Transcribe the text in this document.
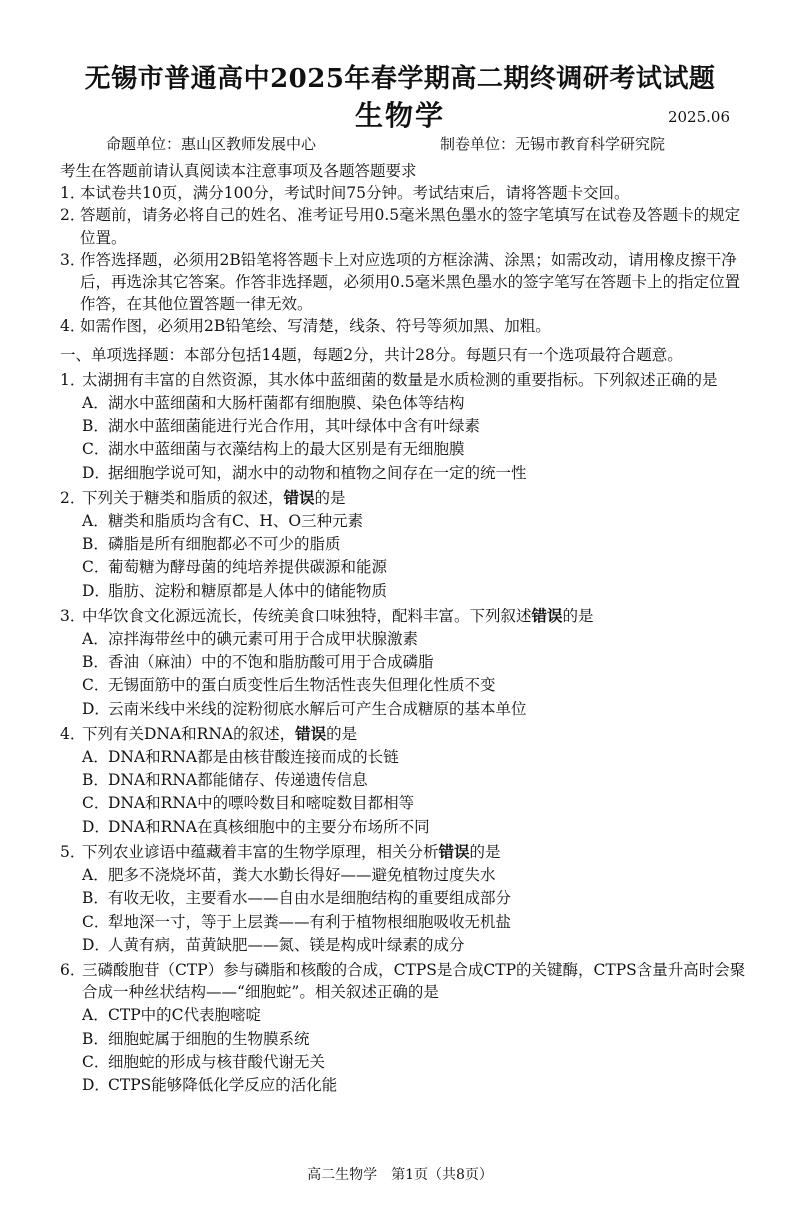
无锡市普通高中2025年春学期高二期终调研考试试题
生物学	2025.06
命题单位：惠山区教师发展中心	制卷单位：无锡市教育科学研究院
考生在答题前请认真阅读本注意事项及各题答题要求
1．
本试卷共10页，满分100分，考试时间75分钟。考试结束后，请将答题卡交回。
2．
答题前，请务必将自己的姓名、准考证号用0.5毫米黑色墨水的签字笔填写在试卷及答题卡的规定位置。
3．
作答选择题，必须用2B铅笔将答题卡上对应选项的方框涂满、涂黑；如需改动，请用橡皮擦干净后，再选涂其它答案。作答非选择题，必须用0.5毫米黑色墨水的签字笔写在答题卡上的指定位置作答，在其他位置答题一律无效。
4．
如需作图，必须用2B铅笔绘、写清楚，线条、符号等须加黑、加粗。
一、单项选择题：本部分包括14题，每题2分，共计28分。每题只有一个选项最符合题意。
1．
太湖拥有丰富的自然资源，其水体中蓝细菌的数量是水质检测的重要指标。下列叙述正确的是
A． 湖水中蓝细菌和大肠杆菌都有细胞膜、染色体等结构
B． 湖水中蓝细菌能进行光合作用，其叶绿体中含有叶绿素
C．
湖水中蓝细菌与衣藻结构上的最大区别是有无细胞膜
D．
据细胞学说可知，湖水中的动物和植物之间存在一定的统一性
2．
下列关于糖类和脂质的叙述，错误的是
A． 糖类和脂质均含有C、H、O三种元素
B． 磷脂是所有细胞都必不可少的脂质
C．
葡萄糖为酵母菌的纯培养提供碳源和能源
D．
脂肪、淀粉和糖原都是人体中的储能物质
3．
中华饮食文化源远流长，传统美食口味独特，配料丰富。下列叙述错误的是
A． 凉拌海带丝中的碘元素可用于合成甲状腺激素
B． 香油（麻油）中的不饱和脂肪酸可用于合成磷脂
C．
无锡面筋中的蛋白质变性后生物活性丧失但理化性质不变
D．
云南米线中米线的淀粉彻底水解后可产生合成糖原的基本单位
4．
下列有关DNA和RNA的叙述，错误的是
A． DNA和RNA都是由核苷酸连接而成的长链
B． DNA和RNA都能储存、传递遗传信息
C．
DNA和RNA中的嘌呤数目和嘧啶数目都相等
D．
DNA和RNA在真核细胞中的主要分布场所不同
5．
下列农业谚语中蕴藏着丰富的生物学原理，相关分析错误的是
A． 肥多不浇烧坏苗，粪大水勤长得好——避免植物过度失水
B． 有收无收，主要看水——自由水是细胞结构的重要组成部分
C．
犁地深一寸，等于上层粪——有利于植物根细胞吸收无机盐
D．
人黄有病，苗黄缺肥——氮、镁是构成叶绿素的成分
6．
三磷酸胞苷（CTP）参与磷脂和核酸的合成，CTPS是合成CTP的关键酶，CTPS含量升高时会聚合成一种丝状结构——“细胞蛇”。相关叙述正确的是
A． CTP中的C代表胞嘧啶
B． 细胞蛇属于细胞的生物膜系统
C．
细胞蛇的形成与核苷酸代谢无关
D．
CTPS能够降低化学反应的活化能
高二生物学　第1页（共8页）
